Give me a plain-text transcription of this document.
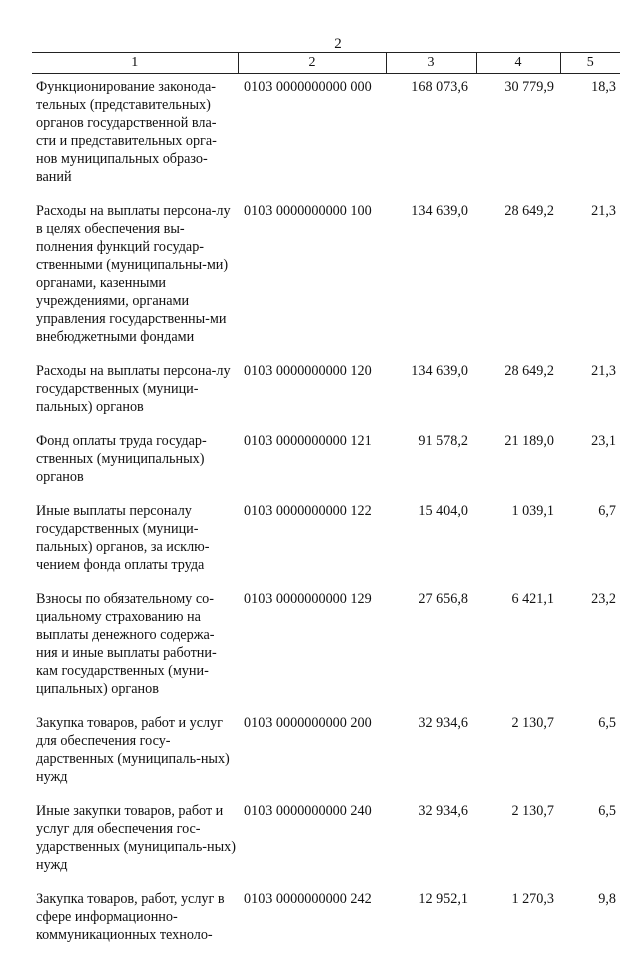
2
1	2	3	4	5
Функционирование законода-тельных (представительных) органов государственной вла-сти и представительных орга-нов муниципальных образо-ваний	0103 0000000000 000	168 073,6	30 779,9	18,3
Расходы на выплаты персона-лу в целях обеспечения вы-полнения функций государ-ственными (муниципальны-ми) органами, казенными учреждениями, органами управления государственны-ми внебюджетными фондами	0103 0000000000 100	134 639,0	28 649,2	21,3
Расходы на выплаты персона-лу государственных (муници-пальных) органов	0103 0000000000 120	134 639,0	28 649,2	21,3
Фонд оплаты труда государ-ственных (муниципальных) органов	0103 0000000000 121	91 578,2	21 189,0	23,1
Иные выплаты персоналу государственных (муници-пальных) органов, за исклю-чением фонда оплаты труда	0103 0000000000 122	15 404,0	1 039,1	6,7
Взносы по обязательному со-циальному страхованию на выплаты денежного содержа-ния и иные выплаты работни-кам государственных (муни-ципальных) органов	0103 0000000000 129	27 656,8	6 421,1	23,2
Закупка товаров, работ и услуг для обеспечения госу-дарственных (муниципаль-ных) нужд	0103 0000000000 200	32 934,6	2 130,7	6,5
Иные закупки товаров, работ и услуг для обеспечения гос-ударственных (муниципаль-ных) нужд	0103 0000000000 240	32 934,6	2 130,7	6,5
Закупка товаров, работ, услуг в сфере информационно-коммуникационных техноло-	0103 0000000000 242	12 952,1	1 270,3	9,8
